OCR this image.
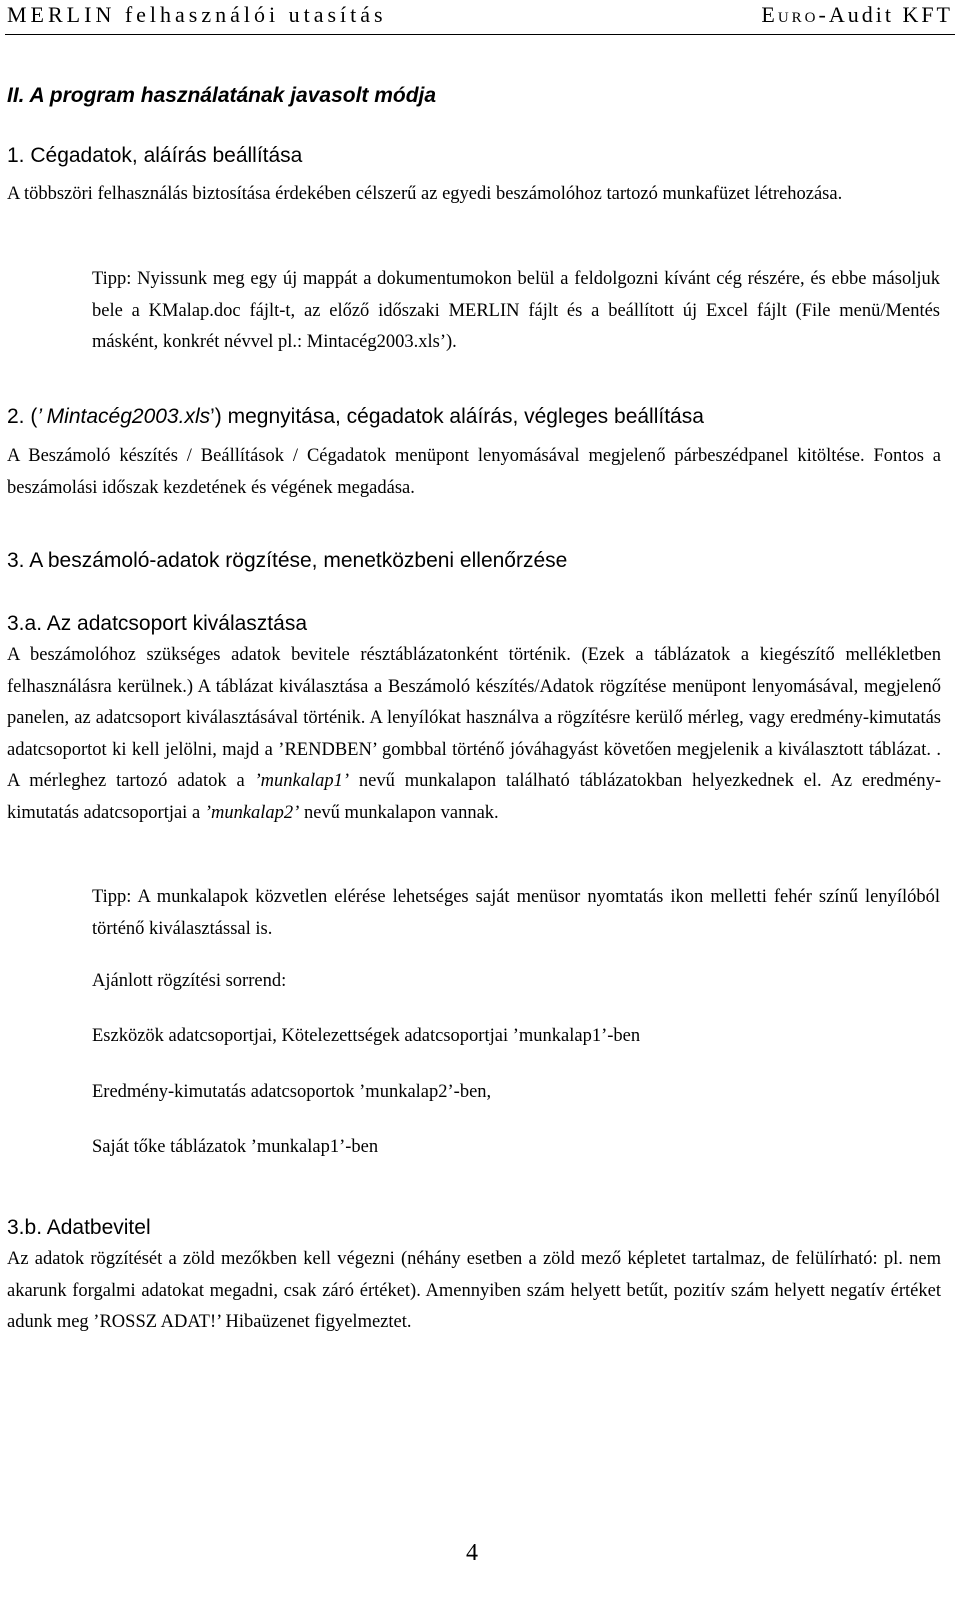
MERLIN felhasználói utasítás	EURO-Audit KFT
II. A program használatának javasolt módja
1. Cégadatok, aláírás beállítása

A többszöri felhasználás biztosítása érdekében célszerű az egyedi beszámolóhoz tartozó munkafüzet létrehozása.

Tipp: Nyissunk meg egy új mappát a dokumentumokon belül a feldolgozni kívánt cég részére, és ebbe másoljuk bele a KMalap.doc fájlt-t, az előző időszaki MERLIN fájlt és a beállított új Excel fájlt (File menü/Mentés másként, konkrét névvel pl.: Mintacég2003.xls’).

2. (’ Mintacég2003.xls’) megnyitása, cégadatok aláírás, végleges beállítása

A Beszámoló készítés / Beállítások / Cégadatok menüpont lenyomásával megjelenő párbeszédpanel kitöltése. Fontos a beszámolási időszak kezdetének és végének megadása.

3. A beszámoló-adatok rögzítése, menetközbeni ellenőrzése
3.a. Az adatcsoport kiválasztása

A beszámolóhoz szükséges adatok bevitele résztáblázatonként történik. (Ezek a táblázatok a kiegészítő mellékletben felhasználásra kerülnek.) A táblázat kiválasztása a Beszámoló készítés/Adatok rögzítése menüpont lenyomásával, megjelenő panelen, az adatcsoport kiválasztásával történik. A lenyílókat használva a rögzítésre kerülő mérleg, vagy eredmény-kimutatás adatcsoportot ki kell jelölni, majd a ’RENDBEN’ gombbal történő jóváhagyást követően megjelenik a kiválasztott táblázat. . A mérleghez tartozó adatok a ’munkalap1’ nevű munkalapon található táblázatokban helyezkednek el. Az eredmény-kimutatás adatcsoportjai a ’munkalap2’ nevű munkalapon vannak.

Tipp: A munkalapok közvetlen elérése lehetséges saját menüsor nyomtatás ikon melletti fehér színű lenyílóból történő kiválasztással is.

Ajánlott rögzítési sorrend:
Eszközök adatcsoportjai, Kötelezettségek adatcsoportjai ’munkalap1’-ben
Eredmény-kimutatás adatcsoportok ’munkalap2’-ben,
Saját tőke táblázatok ’munkalap1’-ben
3.b. Adatbevitel

Az adatok rögzítését a zöld mezőkben kell végezni (néhány esetben a zöld mező képletet tartalmaz, de felülírható: pl. nem akarunk forgalmi adatokat megadni, csak záró értéket). Amennyiben szám helyett betűt, pozitív szám helyett negatív értéket adunk meg ’ROSSZ ADAT!’ Hibaüzenet figyelmeztet.

4
